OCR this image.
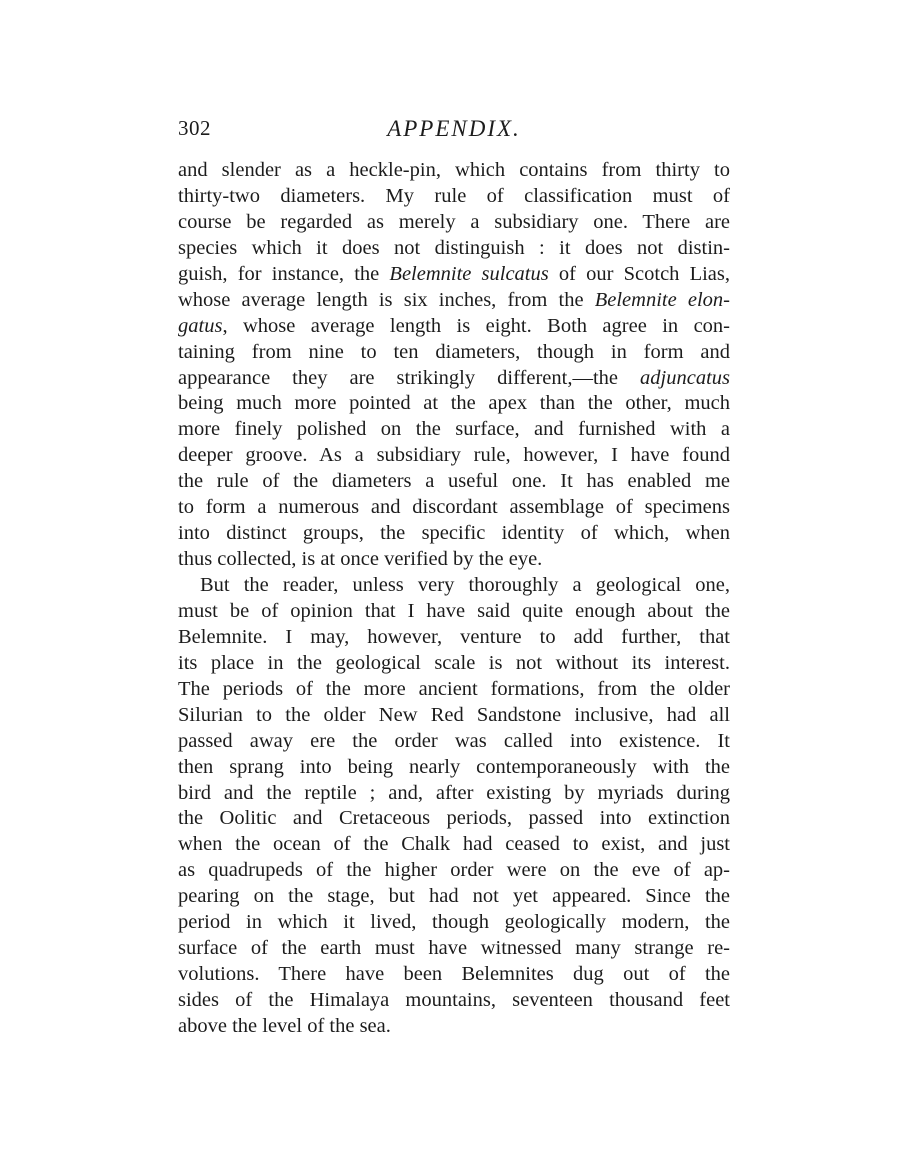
302	APPENDIX.
and slender as a heckle-pin, which contains from thirty to
thirty-two diameters. My rule of classification must of
course be regarded as merely a subsidiary one. There are
species which it does not distinguish : it does not distin-
guish, for instance, the Belemnite sulcatus of our Scotch Lias,
whose average length is six inches, from the Belemnite elon-
gatus, whose average length is eight. Both agree in con-
taining from nine to ten diameters, though in form and
appearance they are strikingly different,—the adjuncatus
being much more pointed at the apex than the other, much
more finely polished on the surface, and furnished with a
deeper groove. As a subsidiary rule, however, I have found
the rule of the diameters a useful one. It has enabled me
to form a numerous and discordant assemblage of specimens
into distinct groups, the specific identity of which, when
thus collected, is at once verified by the eye.
But the reader, unless very thoroughly a geological one,
must be of opinion that I have said quite enough about the
Belemnite. I may, however, venture to add further, that
its place in the geological scale is not without its interest.
The periods of the more ancient formations, from the older
Silurian to the older New Red Sandstone inclusive, had all
passed away ere the order was called into existence. It
then sprang into being nearly contemporaneously with the
bird and the reptile ; and, after existing by myriads during
the Oolitic and Cretaceous periods, passed into extinction
when the ocean of the Chalk had ceased to exist, and just
as quadrupeds of the higher order were on the eve of ap-
pearing on the stage, but had not yet appeared. Since the
period in which it lived, though geologically modern, the
surface of the earth must have witnessed many strange re-
volutions. There have been Belemnites dug out of the
sides of the Himalaya mountains, seventeen thousand feet
above the level of the sea.
